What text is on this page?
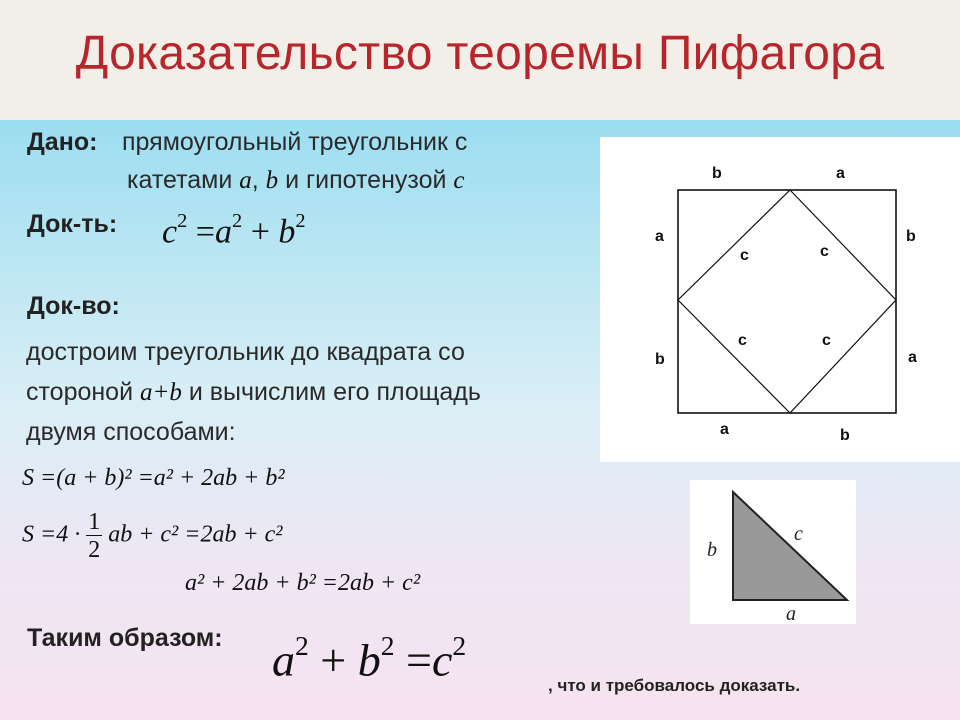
Доказательство теоремы Пифагора
Дано: прямоугольный треугольник с
катетами a, b и гипотенузой c
Док-ть: $c^2 =a^2 + b^2$
Док-во:
достроим треугольник до квадрата со
стороной a+b и вычислим его площадь
двумя способами:
S =(a + b)² =a² + 2ab + b²
$S =4 \cdot \frac{1}{2}$ ab + c² =2ab + c²
a² + 2ab + b² =2ab + c²
Таким образом: $a^2 + b^2 =c^2$
, что и требовалось доказать.
b	a
a
b
b
a
a	b
c	c
c	c
b
c
a
